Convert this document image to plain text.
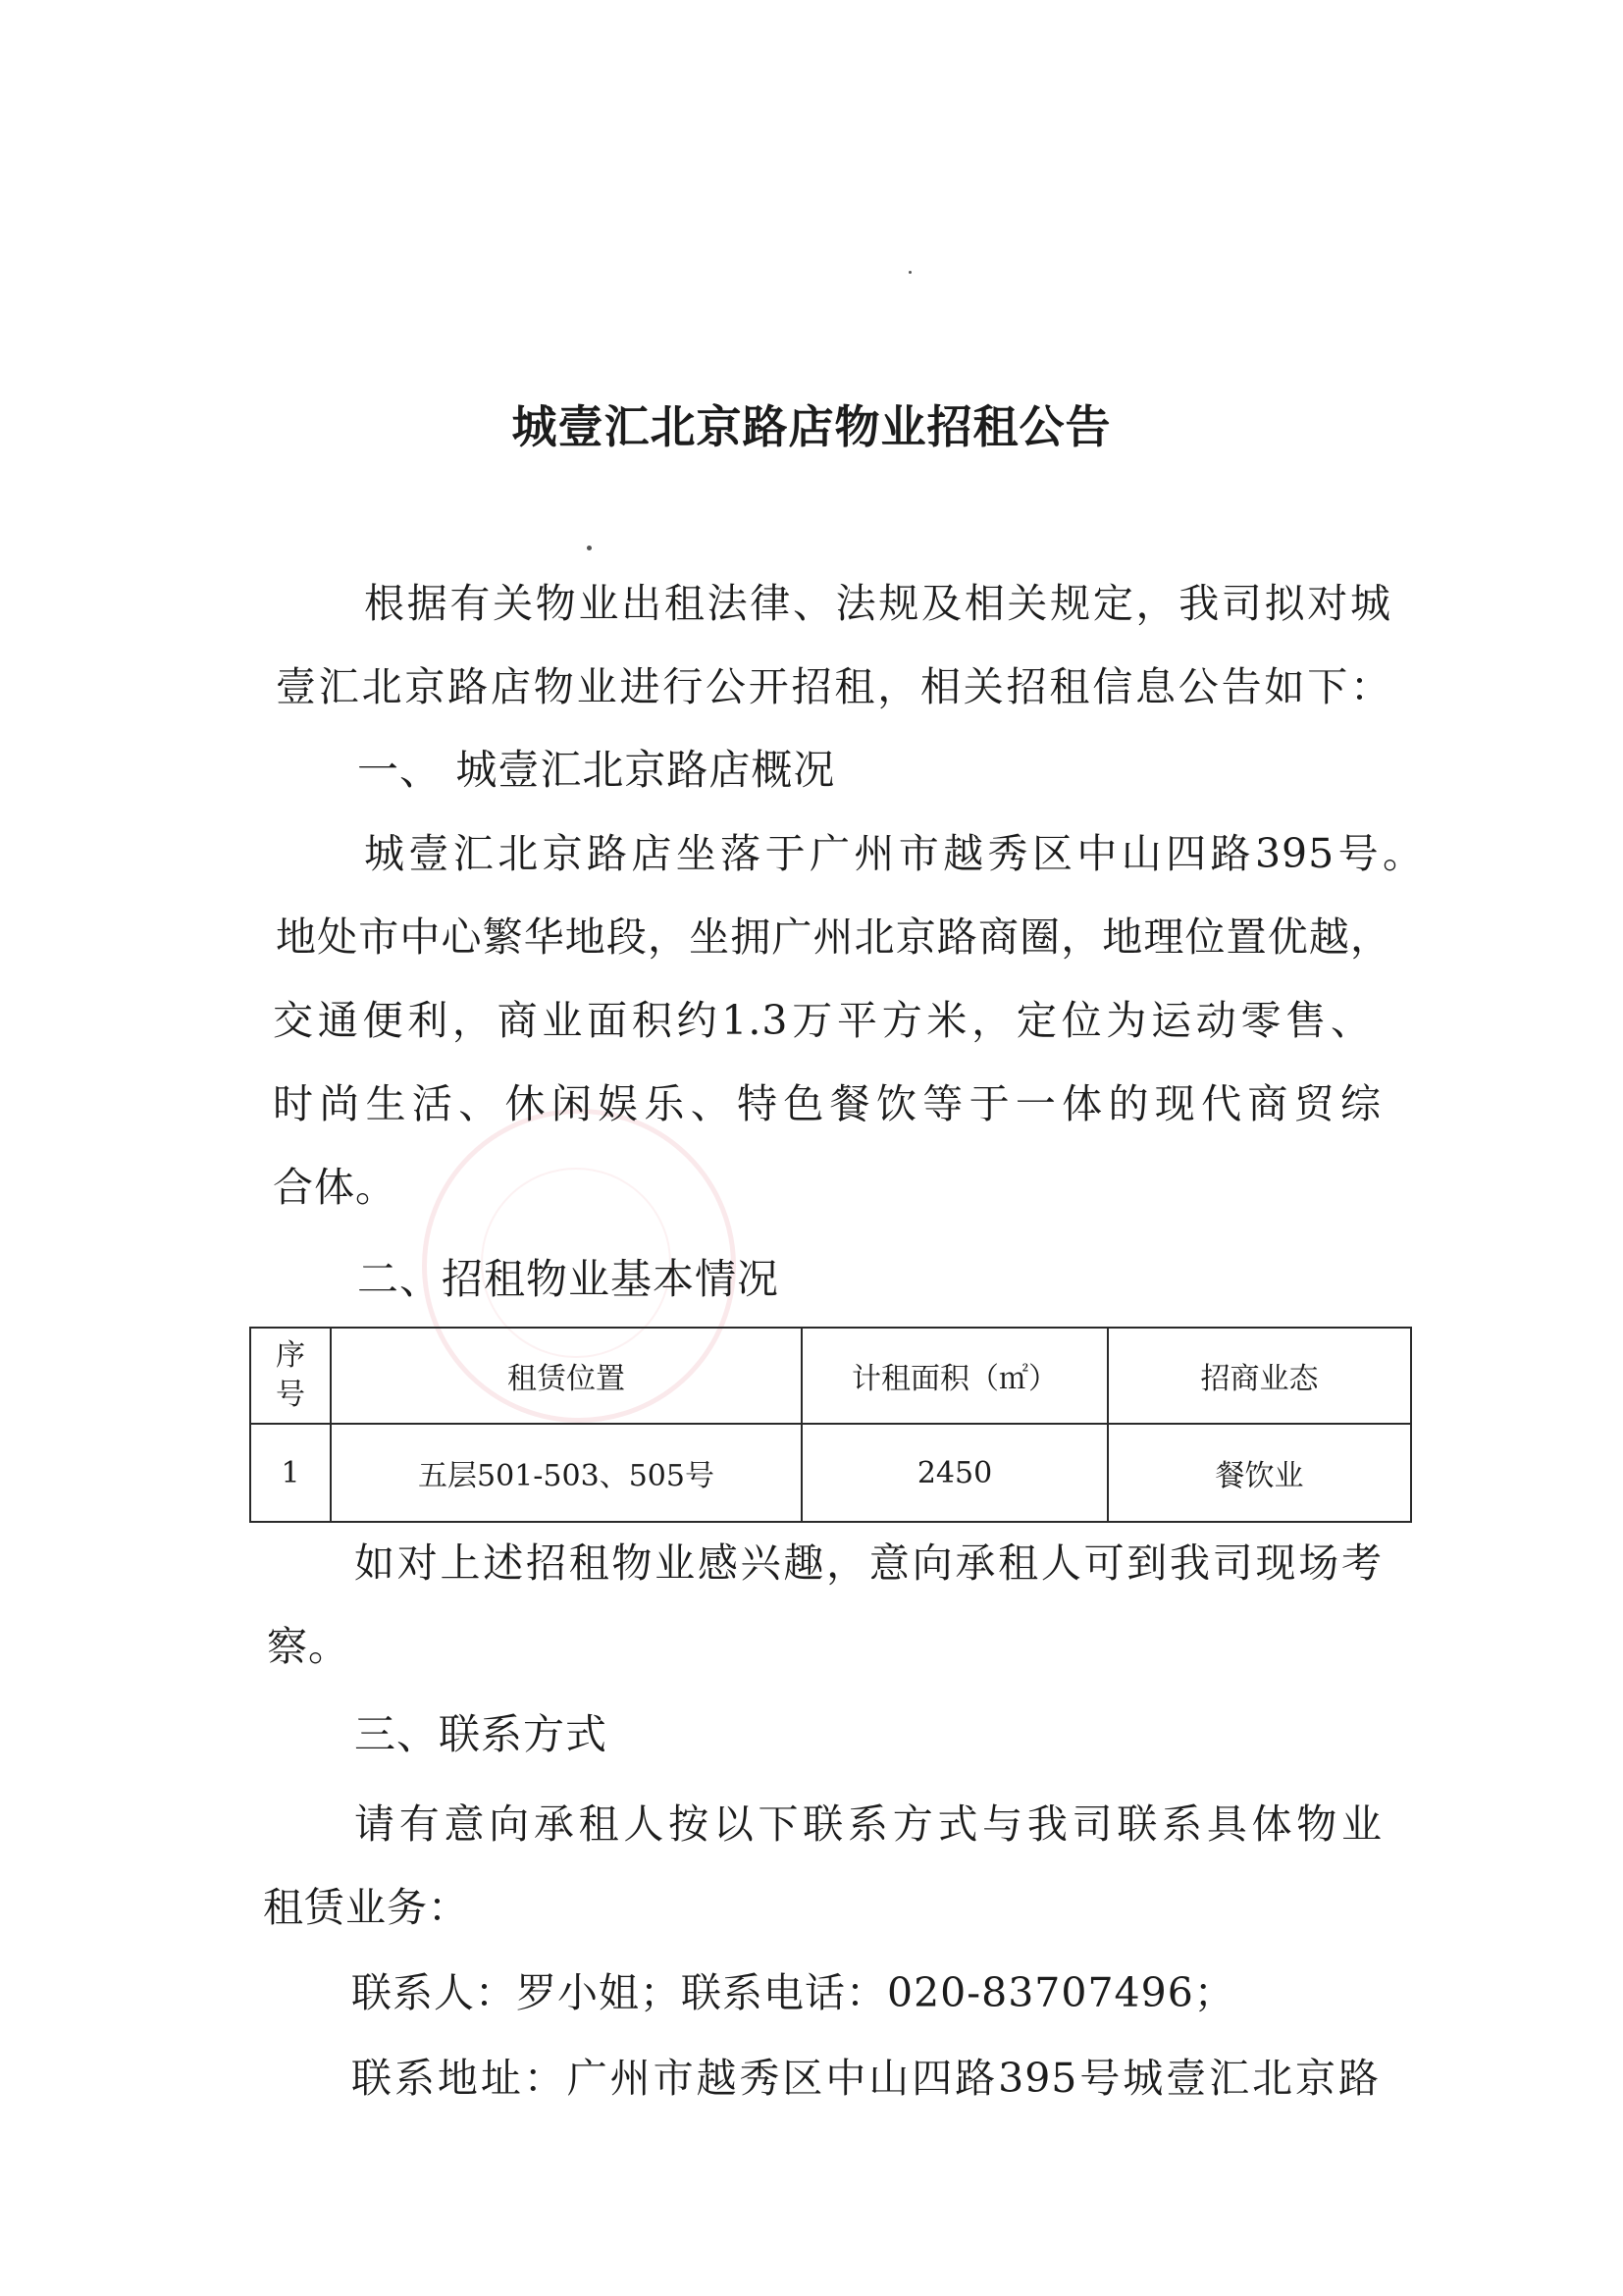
城壹汇北京路店物业招租公告
根据有关物业出租法律、法规及相关规定，我司拟对城
壹汇北京路店物业进行公开招租，相关招租信息公告如下：
一、 城壹汇北京路店概况
城壹汇北京路店坐落于广州市越秀区中山四路395号。
地处市中心繁华地段，坐拥广州北京路商圈，地理位置优越，
交通便利，商业面积约1.3万平方米，定位为运动零售、
时尚生活、休闲娱乐、特色餐饮等于一体的现代商贸综
合体。
二、招租物业基本情况
序
号	租赁位置	计租面积（㎡）	招商业态
1	五层501-503、505号	2450	餐饮业
如对上述招租物业感兴趣，意向承租人可到我司现场考
察。
三、联系方式
请有意向承租人按以下联系方式与我司联系具体物业
租赁业务：
联系人：罗小姐；联系电话：020-83707496；
联系地址：广州市越秀区中山四路395号城壹汇北京路
